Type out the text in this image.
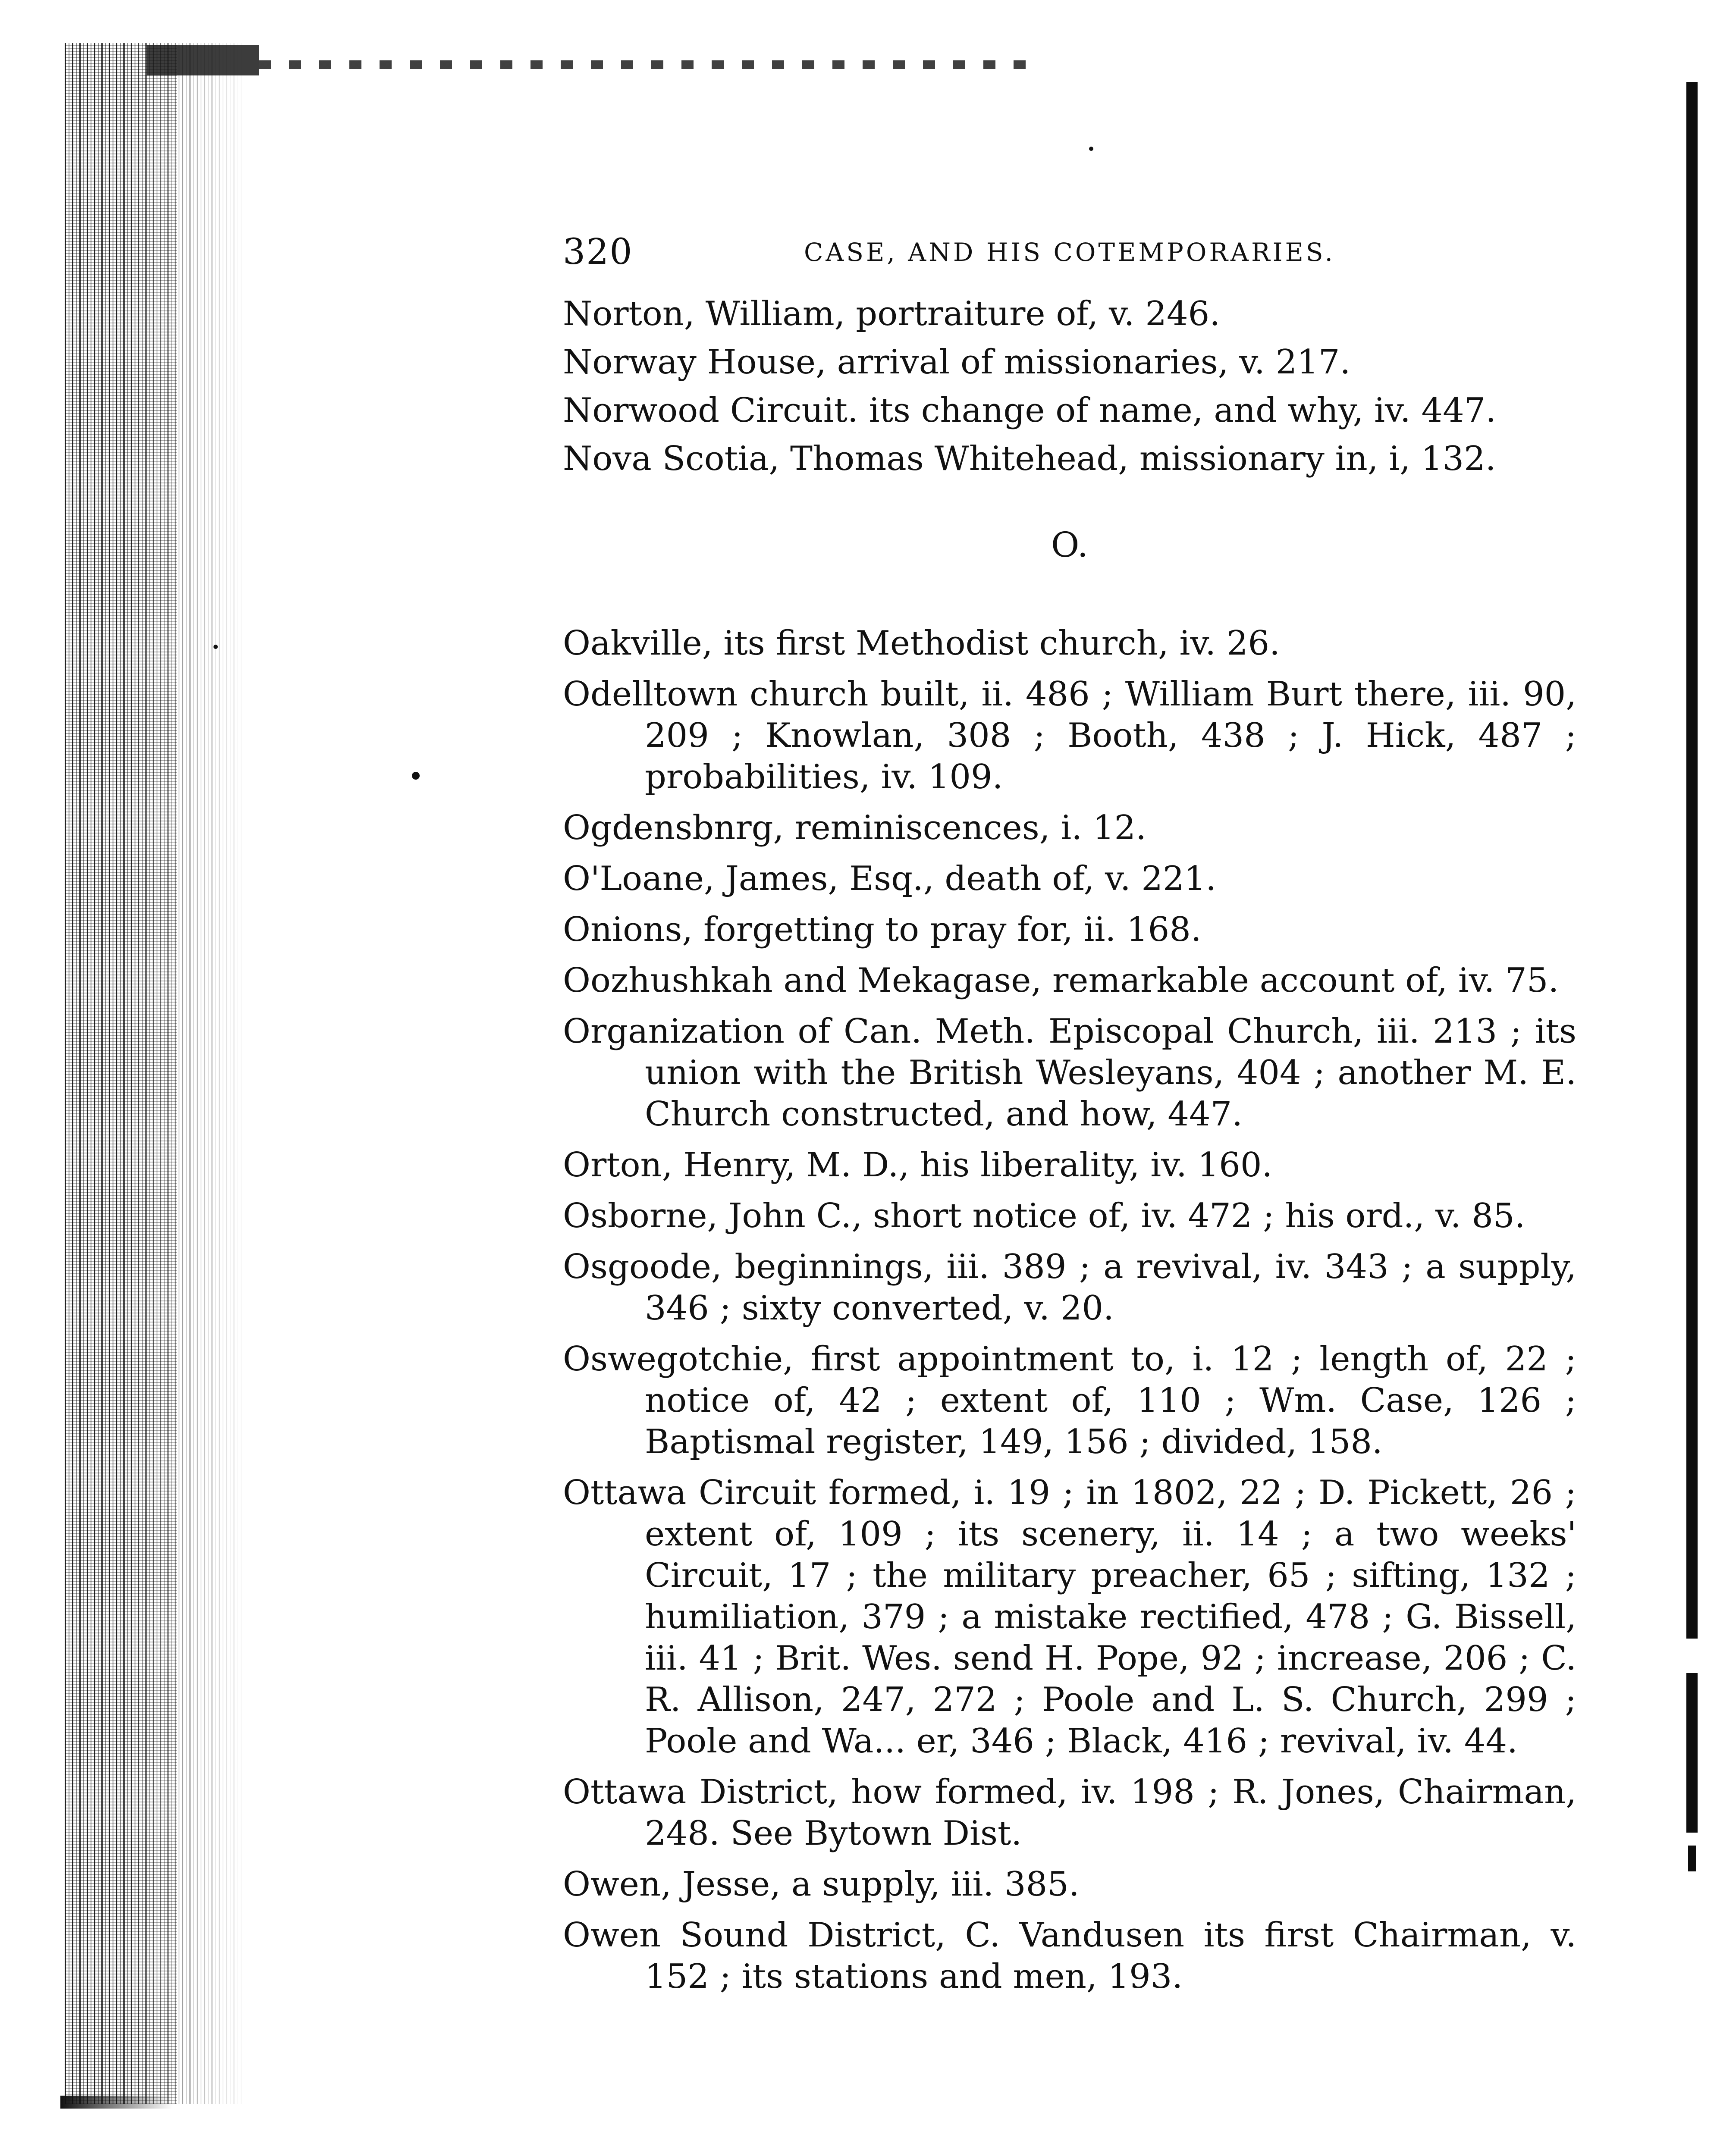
320	CASE, AND HIS COTEMPORARIES.
Norton, William, portraiture of, v. 246.
Norway House, arrival of missionaries, v. 217.
Norwood Circuit. its change of name, and why, iv. 447.
Nova Scotia, Thomas Whitehead, missionary in, i, 132.
O.
Oakville, its first Methodist church, iv. 26.
Odelltown church built, ii. 486 ; William Burt there, iii. 90, 209 ; Knowlan, 308 ; Booth, 438 ; J. Hick, 487 ; probabilities, iv. 109.
Ogdensbnrg, reminiscences, i. 12.
O'Loane, James, Esq., death of, v. 221.
Onions, forgetting to pray for, ii. 168.
Oozhushkah and Mekagase, remarkable account of, iv. 75.
Organization of Can. Meth. Episcopal Church, iii. 213 ; its union with the British Wesleyans, 404 ; another M. E. Church constructed, and how, 447.
Orton, Henry, M. D., his liberality, iv. 160.
Osborne, John C., short notice of, iv. 472 ; his ord., v. 85.
Osgoode, beginnings, iii. 389 ; a revival, iv. 343 ; a supply, 346 ; sixty converted, v. 20.
Oswegotchie, first appointment to, i. 12 ; length of, 22 ; notice of, 42 ; extent of, 110 ; Wm. Case, 126 ; Baptismal register, 149, 156 ; divided, 158.
Ottawa Circuit formed, i. 19 ; in 1802, 22 ; D. Pickett, 26 ; extent of, 109 ; its scenery, ii. 14 ; a two weeks' Circuit, 17 ; the military preacher, 65 ; sifting, 132 ; humiliation, 379 ; a mistake rectified, 478 ; G. Bissell, iii. 41 ; Brit. Wes. send H. Pope, 92 ; increase, 206 ; C. R. Allison, 247, 272 ; Poole and L. S. Church, 299 ; Poole and Wa... er, 346 ; Black, 416 ; revival, iv. 44.
Ottawa District, how formed, iv. 198 ; R. Jones, Chairman, 248. See Bytown Dist.
Owen, Jesse, a supply, iii. 385.
Owen Sound District, C. Vandusen its first Chairman, v. 152 ; its stations and men, 193.
